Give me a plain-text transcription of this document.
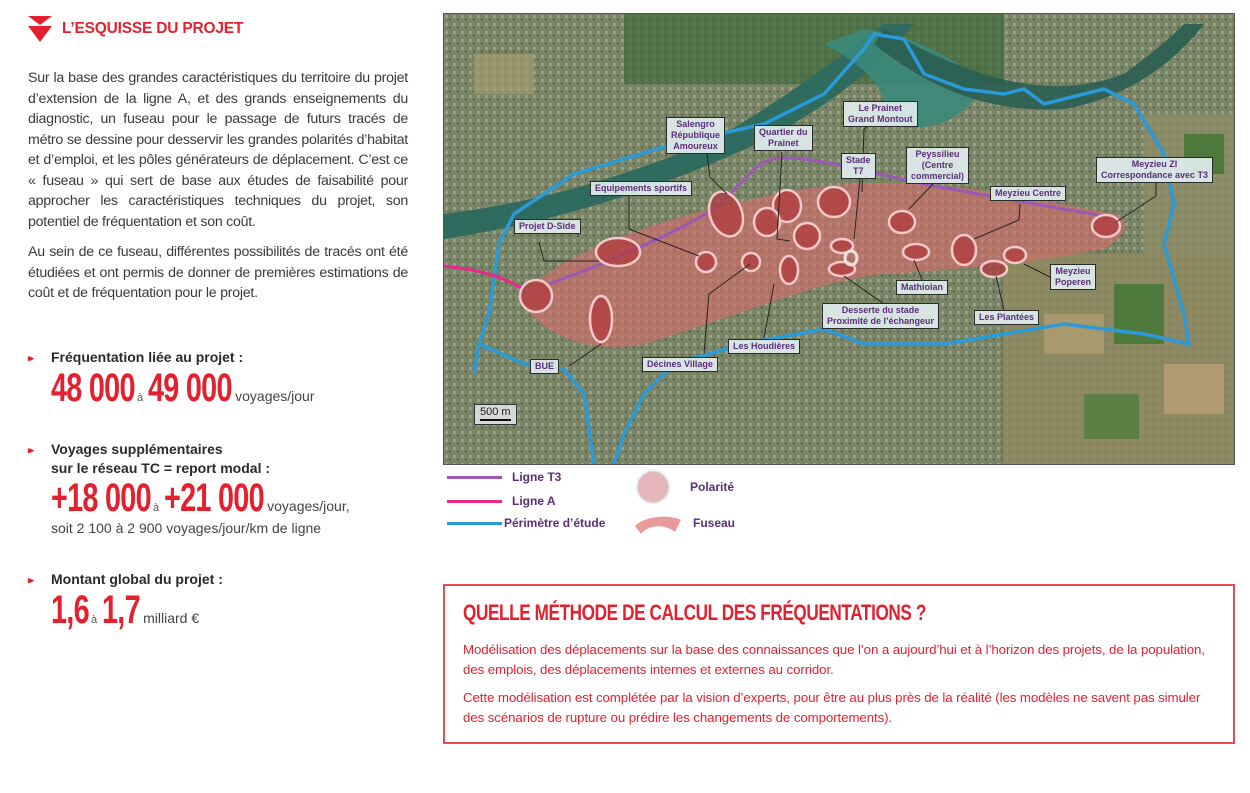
L’ESQUISSE DU PROJET

Sur la base des grandes caractéristiques du territoire du projet d’extension de la ligne A, et des grands enseignements du diagnostic, un fuseau pour le passage de futurs tracés de métro se dessine pour desservir les grandes polarités d’habitat et d’emploi, et les pôles générateurs de déplacement. C’est ce « fuseau » qui sert de base aux études de faisabilité pour approcher les caractéristiques techniques du projet, son potentiel de fréquentation et son coût.

Au sein de ce fuseau, différentes possibilités de tracés ont été étudiées et ont permis de donner de premières estimations de coût et de fréquentation pour le projet.

▸▸	Fréquentation liée au projet :
48 000 à 49 000 voyages/jour
▸▸	Voyages supplémentaires
sur le réseau TC = report modal :
+18 000 à +21 000 voyages/jour,
soit 2 100 à 2 900 voyages/jour/km de ligne
▸▸	Montant global du projet :
1,6 à 1,7 milliard €
Le Prainet
Grand Montout
Salengro
République
Amoureux
Quartier du
Prainet
Stade
T7
Peyssilieu
(Centre
commercial)
Meyzieu ZI
Correspondance avec T3
Equipements sportifs	Meyzieu Centre
Projet D-Side
Meyzieu
Poperen
Mathiolan
Desserte du stade
Proximité de l’échangeur	Les Plantées
Les Houdières
Décines Village
BUE
500 m
Ligne T3
Ligne A
Périmètre d’étude
Polarité
Fuseau
QUELLE MÉTHODE DE CALCUL DES FRÉQUENTATIONS ?
Modélisation des déplacements sur la base des connaissances que l’on a aujourd’hui et à l’horizon des projets, de la population, des emplois, des déplacements internes et externes au corridor.
Cette modélisation est complétée par la vision d’experts, pour être au plus près de la réalité (les modèles ne savent pas simuler des scénarios de rupture ou prédire les changements de comportements).
